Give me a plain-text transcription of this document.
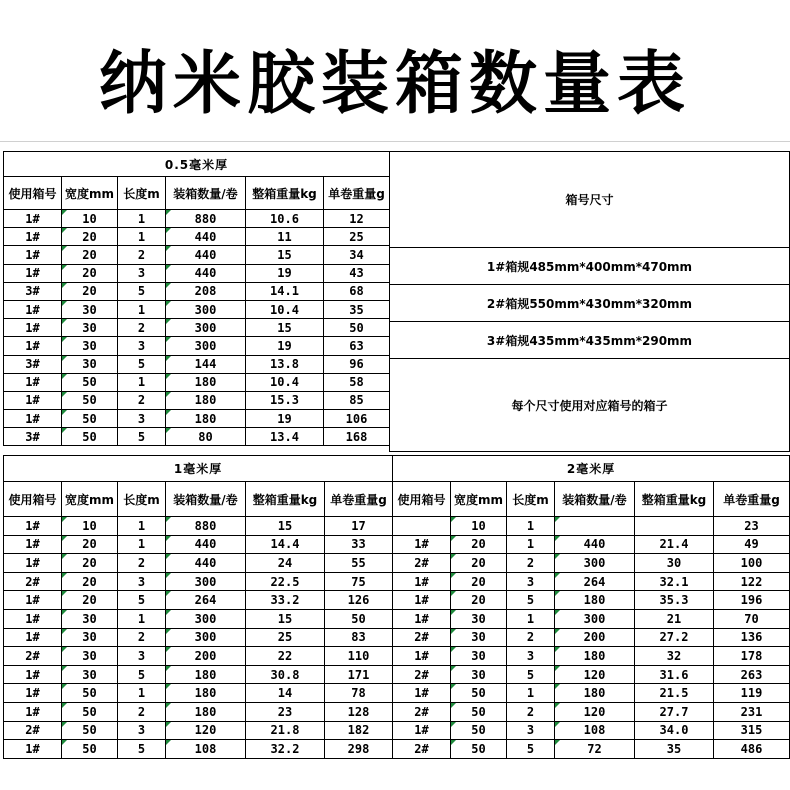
纳米胶装箱数量表
0.5毫米厚					
使用箱号	宽度mm	长度m	装箱数量/卷	整箱重量kg	单卷重量g
1#	10	1	880	10.6	12
1#	20	1	440	11	25
1#	20	2	440	15	34
1#	20	3	440	19	43
3#	20	5	208	14.1	68
1#	30	1	300	10.4	35
1#	30	2	300	15	50
1#	30	3	300	19	63
3#	30	5	144	13.8	96
1#	50	1	180	10.4	58
1#	50	2	180	15.3	85
1#	50	3	180	19	106
3#	50	5	80	13.4	168
箱号尺寸
1#箱规485mm*400mm*470mm
2#箱规550mm*430mm*320mm
3#箱规435mm*435mm*290mm
每个尺寸使用对应箱号的箱子
1毫米厚					
使用箱号	宽度mm	长度m	装箱数量/卷	整箱重量kg	单卷重量g
1#	10	1	880	15	17
1#	20	1	440	14.4	33
1#	20	2	440	24	55
2#	20	3	300	22.5	75
1#	20	5	264	33.2	126
1#	30	1	300	15	50
1#	30	2	300	25	83
2#	30	3	200	22	110
1#	30	5	180	30.8	171
1#	50	1	180	14	78
1#	50	2	180	23	128
2#	50	3	120	21.8	182
1#	50	5	108	32.2	298
2毫米厚					
使用箱号	宽度mm	长度m	装箱数量/卷	整箱重量kg	单卷重量g
	10	1			23
1#	20	1	440	21.4	49
2#	20	2	300	30	100
1#	20	3	264	32.1	122
1#	20	5	180	35.3	196
1#	30	1	300	21	70
2#	30	2	200	27.2	136
1#	30	3	180	32	178
2#	30	5	120	31.6	263
1#	50	1	180	21.5	119
2#	50	2	120	27.7	231
1#	50	3	108	34.0	315
2#	50	5	72	35	486
